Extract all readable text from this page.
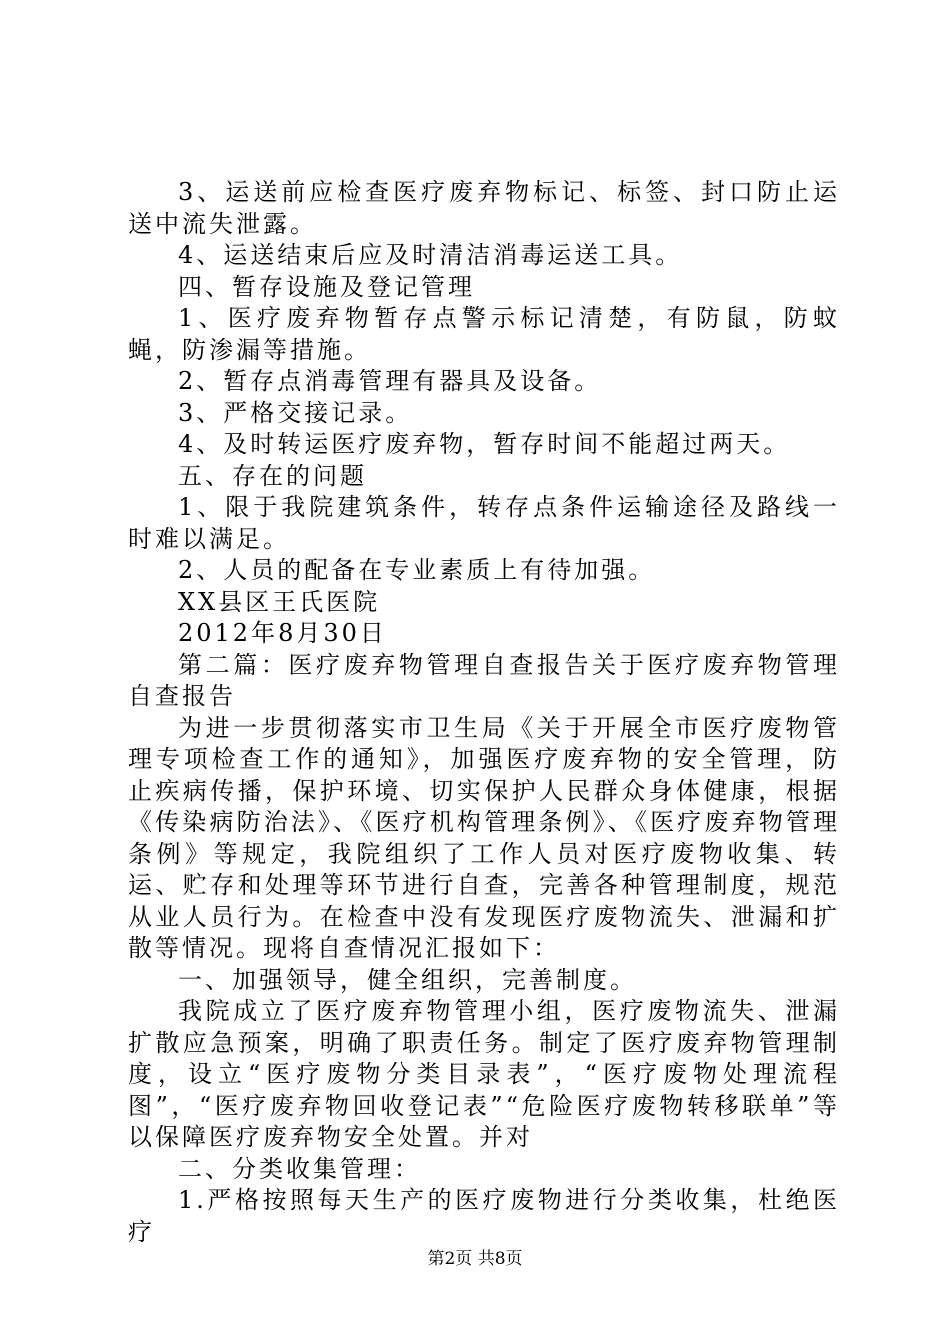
3、运送前应检查医疗废弃物标记、标签、封口防止运送中流失泄露。

4、运送结束后应及时清洁消毒运送工具。

四、暂存设施及登记管理

1、医疗废弃物暂存点警示标记清楚，有防鼠，防蚊蝇，防渗漏等措施。

2、暂存点消毒管理有器具及设备。

3、严格交接记录。

4、及时转运医疗废弃物，暂存时间不能超过两天。

五、存在的问题

1、限于我院建筑条件，转存点条件运输途径及路线一时难以满足。

2、人员的配备在专业素质上有待加强。

XX县区王氏医院

2012年8月30日

第二篇：医疗废弃物管理自查报告关于医疗废弃物管理自查报告

为进一步贯彻落实市卫生局《关于开展全市医疗废物管理专项检查工作的通知》，加强医疗废弃物的安全管理，防止疾病传播，保护环境、切实保护人民群众身体健康，根据《传染病防治法》、《医疗机构管理条例》、《医疗废弃物管理条例》等规定，我院组织了工作人员对医疗废物收集、转运、贮存和处理等环节进行自查，完善各种管理制度，规范从业人员行为。在检查中没有发现医疗废物流失、泄漏和扩散等情况。现将自查情况汇报如下：

一、加强领导，健全组织，完善制度。

我院成立了医疗废弃物管理小组，医疗废物流失、泄漏扩散应急预案，明确了职责任务。制定了医疗废弃物管理制度，设立“医疗废物分类目录表”，“医疗废物处理流程图”，“医疗废弃物回收登记表”“危险医疗废物转移联单”等以保障医疗废弃物安全处置。并对

二、分类收集管理：

1.严格按照每天生产的医疗废物进行分类收集，杜绝医疗

第2页 共8页
